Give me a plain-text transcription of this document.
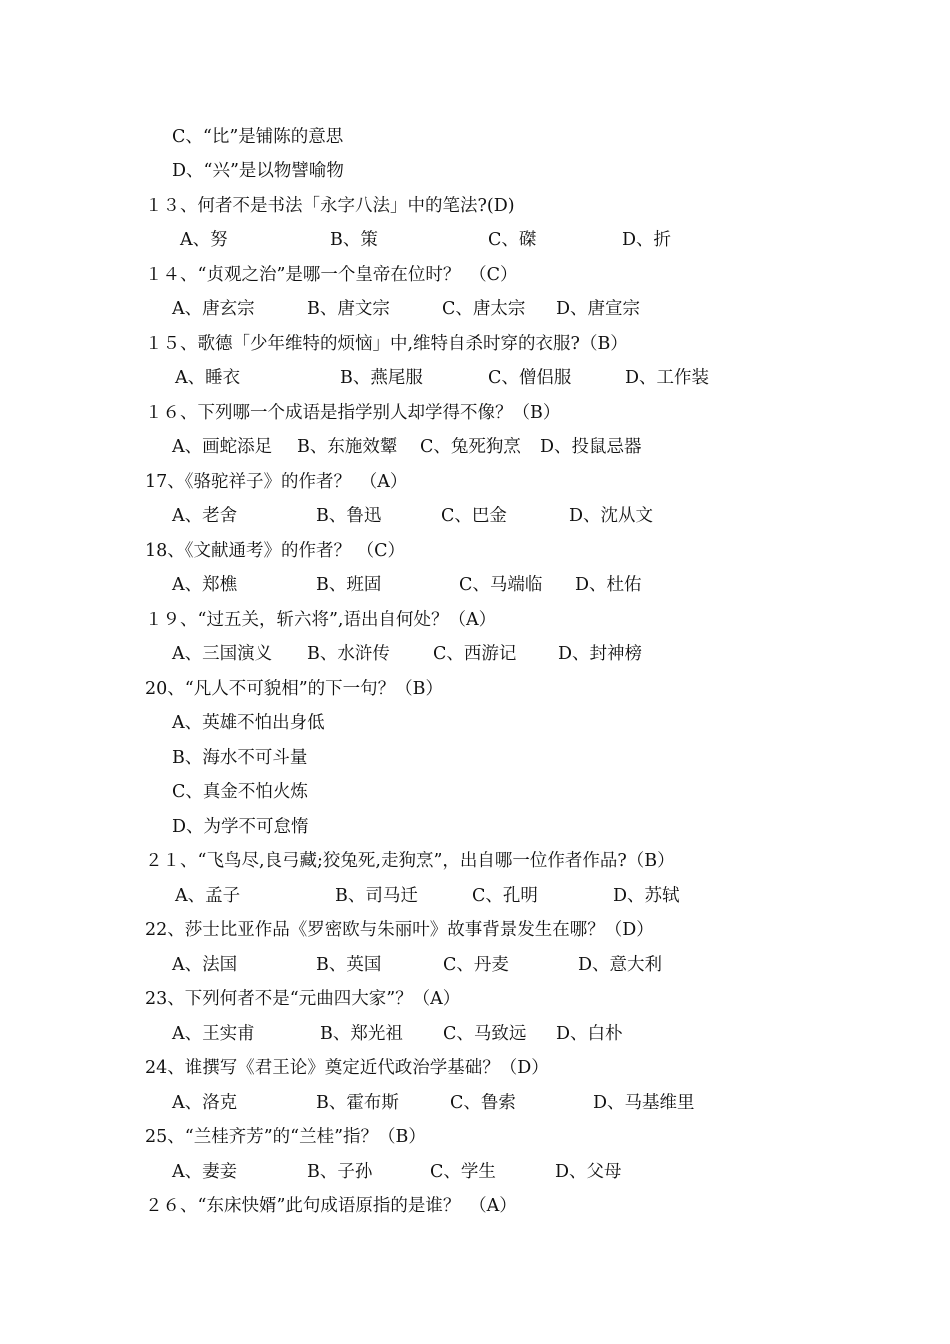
C、“比”是铺陈的意思
D、“兴”是以物譬喻物
１３、何者不是书法「永字八法」中的笔法?(D)
A、努	B、策	C、磔	D、折
１４、“贞观之治”是哪一个皇帝在位时？　（C）
A、唐玄宗	B、唐文宗	C、唐太宗 D、唐宣宗
１５、歌德「少年维特的烦恼」中,维特自杀时穿的衣服?（B）
A、睡衣	B、燕尾服	C、僧侣服	D、工作装
１６、下列哪一个成语是指学别人却学得不像？（B）
A、画蛇添足 B、东施效颦 C、兔死狗烹 D、投鼠忌器
17、《骆驼祥子》的作者？　（A）
A、老舍	B、鲁迅	C、巴金	D、沈从文
18、《文献通考》的作者？ （C）
A、郑樵	B、班固	C、马端临 D、杜佑
１９、“过五关，斩六将”,语出自何处？（A）
A、三国演义 B、水浒传 C、西游记 D、封神榜
20、“凡人不可貌相”的下一句？（B）
A、英雄不怕出身低
B、海水不可斗量
C、真金不怕火炼
D、为学不可怠惰
２１、“飞鸟尽,良弓藏;狡兔死,走狗烹”，出自哪一位作者作品?（B）
A、孟子	B、司马迁	C、孔明	D、苏轼
22、莎士比亚作品《罗密欧与朱丽叶》故事背景发生在哪？（D）
A、法国	B、英国	C、丹麦	D、意大利
23、下列何者不是“元曲四大家”？（A）
A、王实甫	B、郑光祖 C、马致远 D、白朴
24、谁撰写《君王论》奠定近代政治学基础？（D）
A、洛克	B、霍布斯	C、鲁索	D、马基维里
25、“兰桂齐芳”的“兰桂”指？（B）
A、妻妾	B、子孙	C、学生	D、父母
２６、“东床快婿”此句成语原指的是谁？　（A）
